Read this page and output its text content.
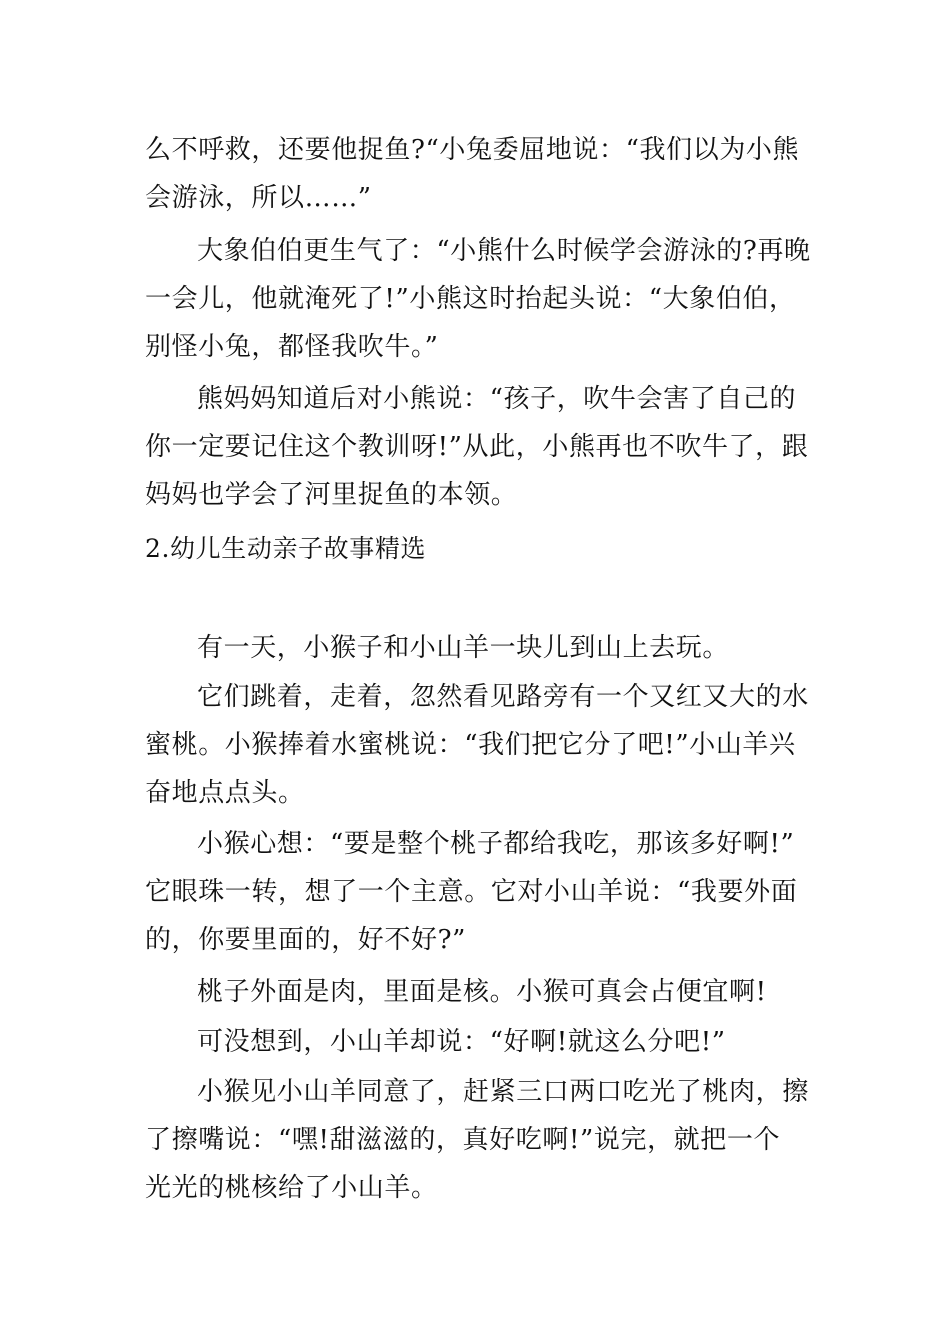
么不呼救，还要他捉鱼?“小兔委屈地说：“我们以为小熊
会游泳，所以……”
大象伯伯更生气了：“小熊什么时候学会游泳的?再晚
一会儿，他就淹死了!”小熊这时抬起头说：“大象伯伯，
别怪小兔，都怪我吹牛。”
熊妈妈知道后对小熊说：“孩子，吹牛会害了自己的
你一定要记住这个教训呀!”从此，小熊再也不吹牛了，跟
妈妈也学会了河里捉鱼的本领。
2.幼儿生动亲子故事精选
有一天，小猴子和小山羊一块儿到山上去玩。
它们跳着，走着，忽然看见路旁有一个又红又大的水
蜜桃。小猴捧着水蜜桃说：“我们把它分了吧!”小山羊兴
奋地点点头。
小猴心想：“要是整个桃子都给我吃，那该多好啊!”
它眼珠一转，想了一个主意。它对小山羊说：“我要外面
的，你要里面的，好不好?”
桃子外面是肉，里面是核。小猴可真会占便宜啊!
可没想到，小山羊却说：“好啊!就这么分吧!”
小猴见小山羊同意了，赶紧三口两口吃光了桃肉，擦
了擦嘴说：“嘿!甜滋滋的，真好吃啊!”说完，就把一个
光光的桃核给了小山羊。
